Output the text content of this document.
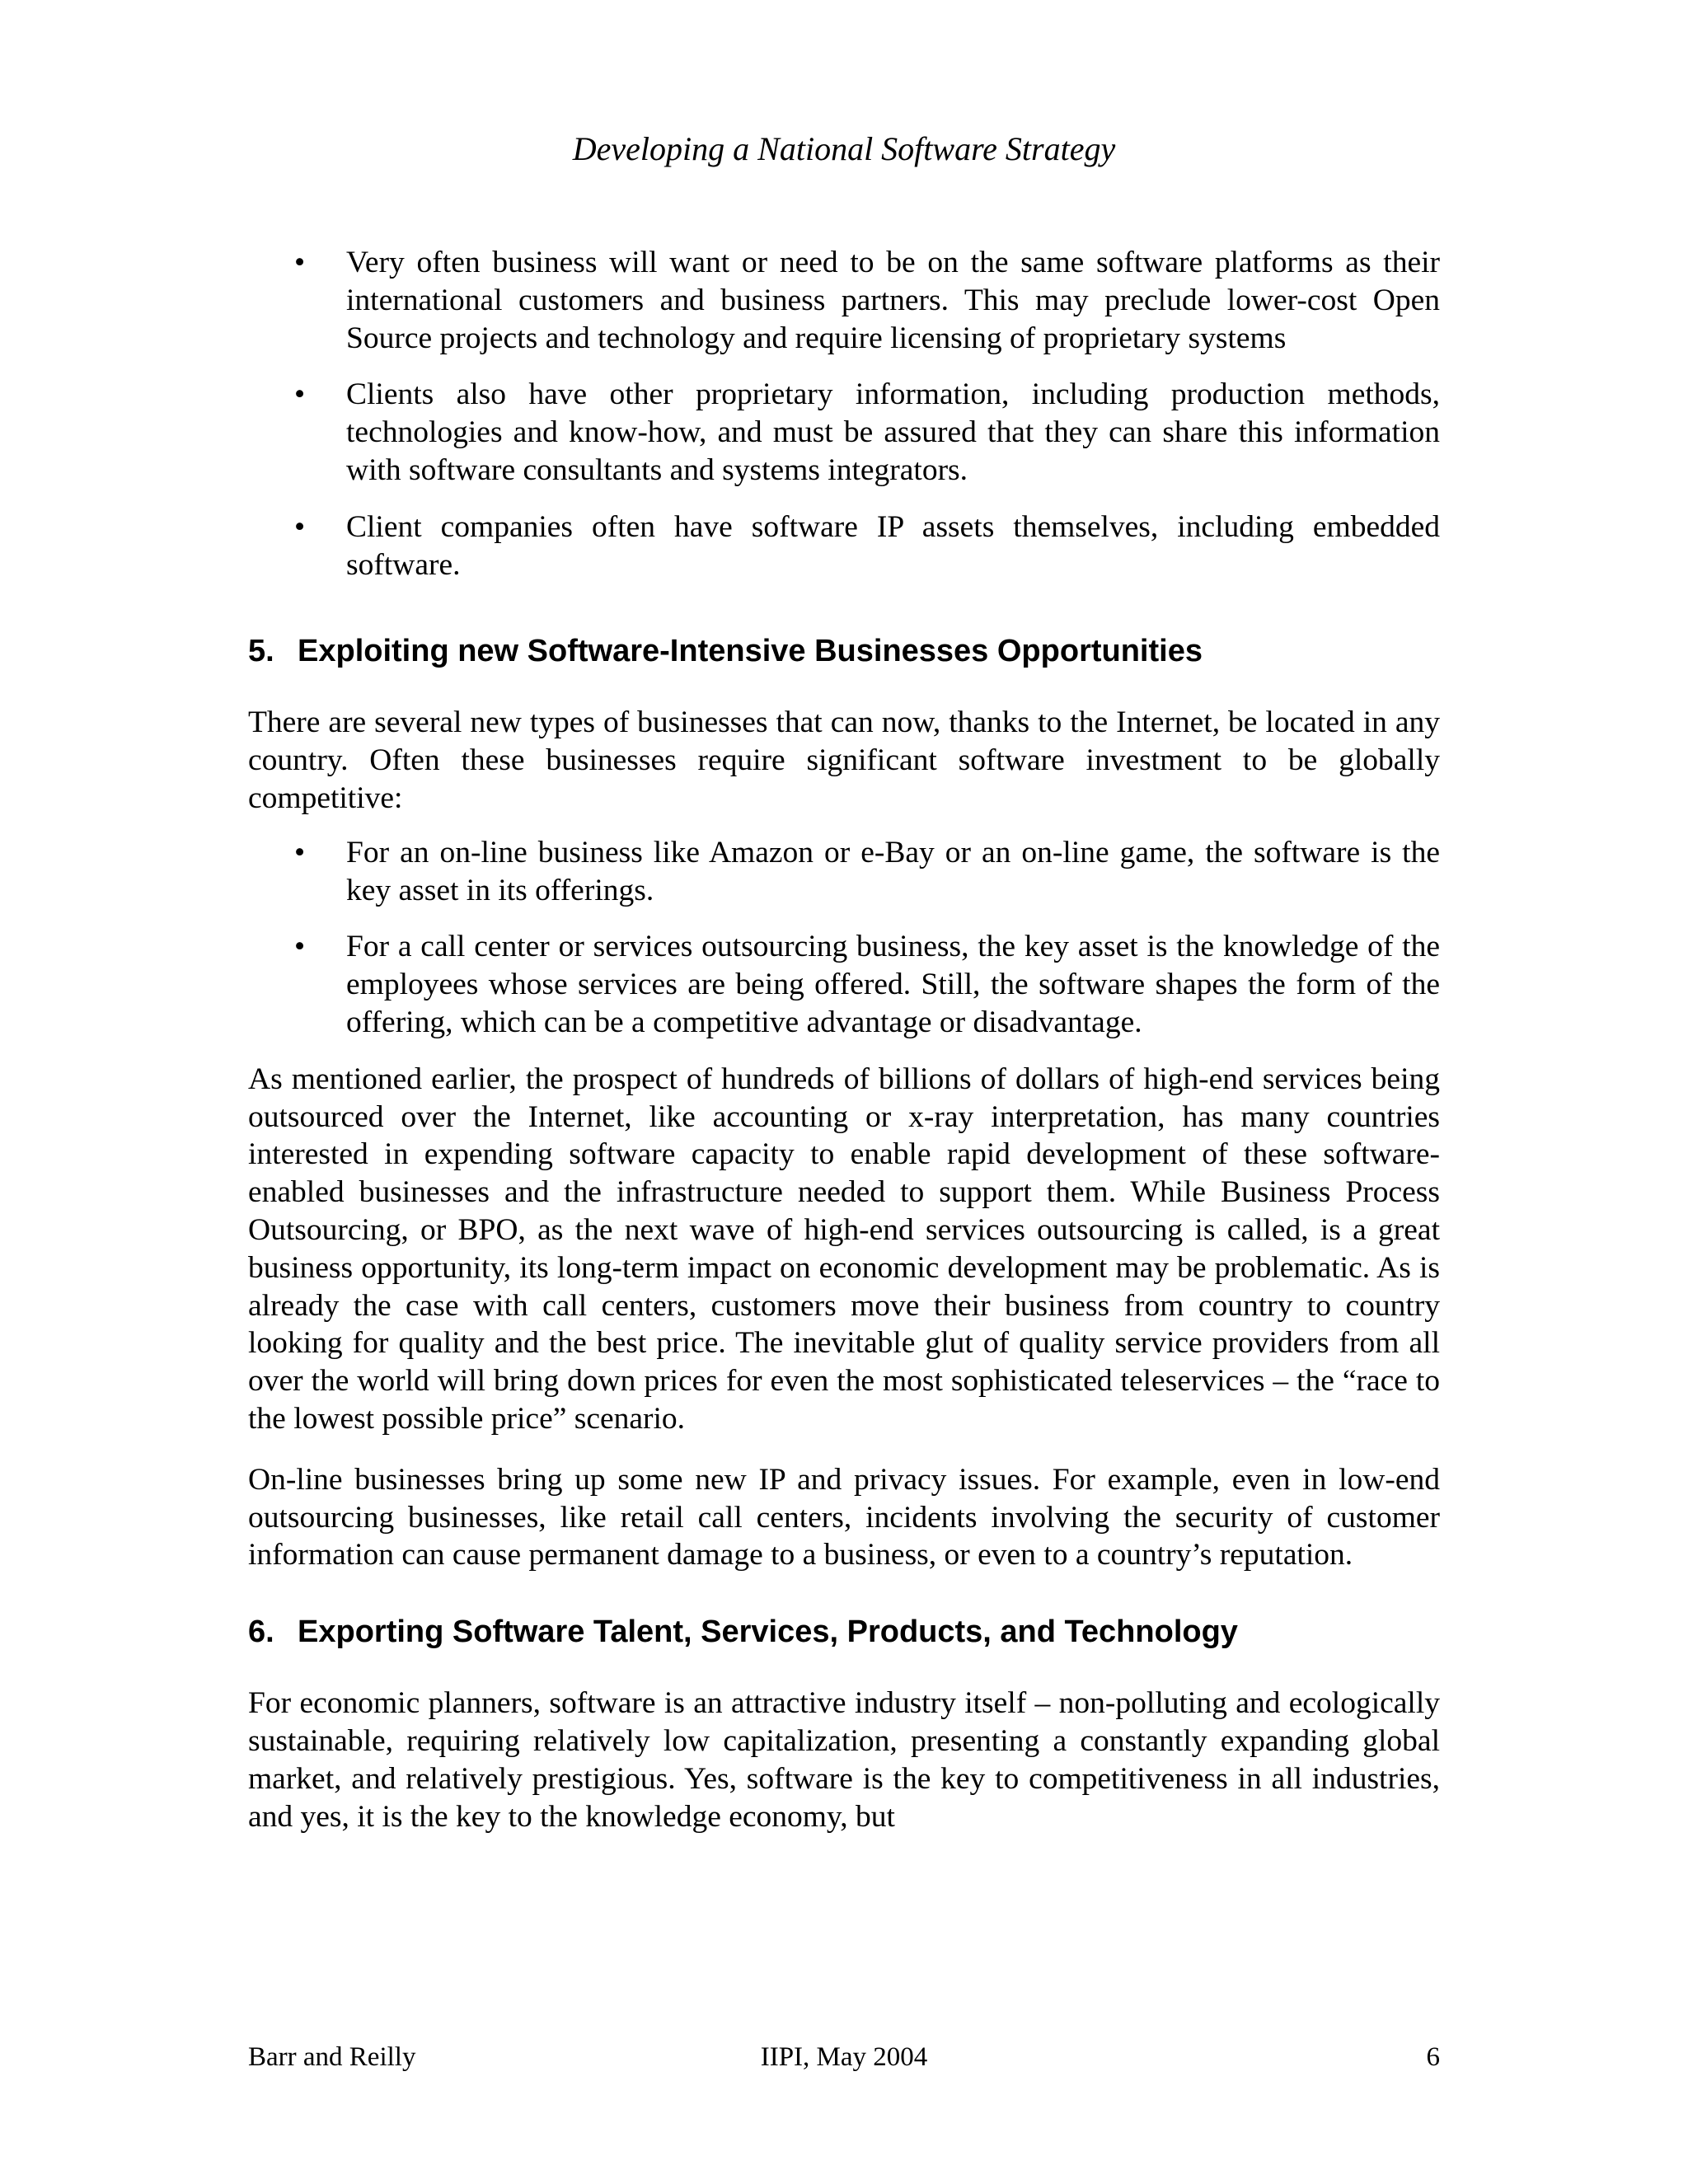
Developing a National Software Strategy
•	Very often business will want or need to be on the same software platforms as their international customers and business partners. This may preclude lower-cost Open Source projects and technology and require licensing of proprietary systems
•	Clients also have other proprietary information, including production methods, technologies and know-how, and must be assured that they can share this information with software consultants and systems integrators.
•	Client companies often have software IP assets themselves, including embedded software.
5. Exploiting new Software-Intensive Businesses Opportunities

There are several new types of businesses that can now, thanks to the Internet, be located in any country. Often these businesses require significant software investment to be globally competitive:

•	For an on-line business like Amazon or e-Bay or an on-line game, the software is the key asset in its offerings.
•	For a call center or services outsourcing business, the key asset is the knowledge of the employees whose services are being offered. Still, the software shapes the form of the offering, which can be a competitive advantage or disadvantage.

As mentioned earlier, the prospect of hundreds of billions of dollars of high-end services being outsourced over the Internet, like accounting or x-ray interpretation, has many countries interested in expending software capacity to enable rapid development of these software-enabled businesses and the infrastructure needed to support them. While Business Process Outsourcing, or BPO, as the next wave of high-end services outsourcing is called, is a great business opportunity, its long-term impact on economic development may be problematic. As is already the case with call centers, customers move their business from country to country looking for quality and the best price. The inevitable glut of quality service providers from all over the world will bring down prices for even the most sophisticated teleservices – the “race to the lowest possible price” scenario.

On-line businesses bring up some new IP and privacy issues. For example, even in low-end outsourcing businesses, like retail call centers, incidents involving the security of customer information can cause permanent damage to a business, or even to a country’s reputation.

6. Exporting Software Talent, Services, Products, and Technology

For economic planners, software is an attractive industry itself – non-polluting and ecologically sustainable, requiring relatively low capitalization, presenting a constantly expanding global market, and relatively prestigious. Yes, software is the key to competitiveness in all industries, and yes, it is the key to the knowledge economy, but

Barr and Reilly	IIPI, May 2004	6
